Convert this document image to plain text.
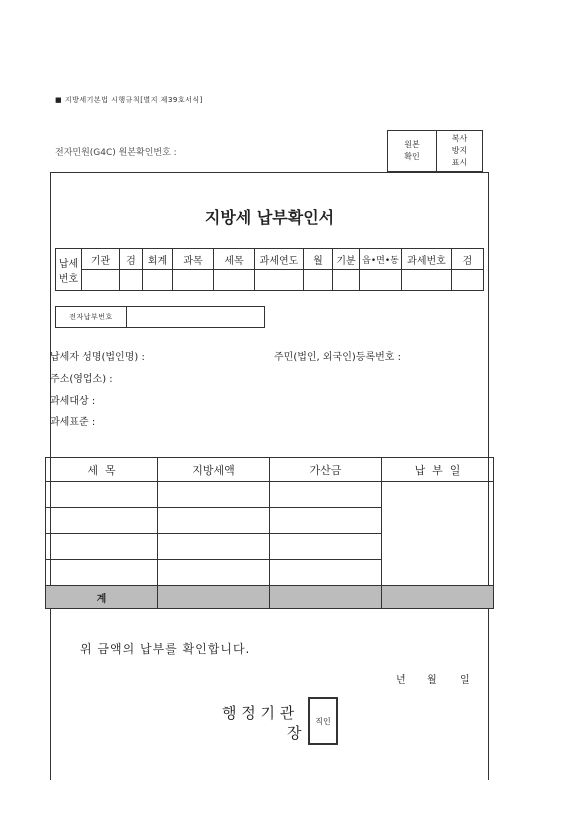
■ 지방세기본법 시행규칙[별지 제39호서식]
전자민원(G4C) 원본확인번호 :
원본
확인

복사
방지
표시
지방세 납부확인서
납세
번호	기관	검	회계	과목	세목	과세연도	월	기분	읍•면•동	과세번호	검

전자납부번호	
납세자 성명(법인명) :	주민(법인, 외국인)등록번호 :
주소(영업소) :
과세대상 :
과세표준 :
세  목	지방세액	가산금	납  부  일

계			
위 금액의 납부를 확인합니다.
년 월 일
행 정 기 관
장
직인
